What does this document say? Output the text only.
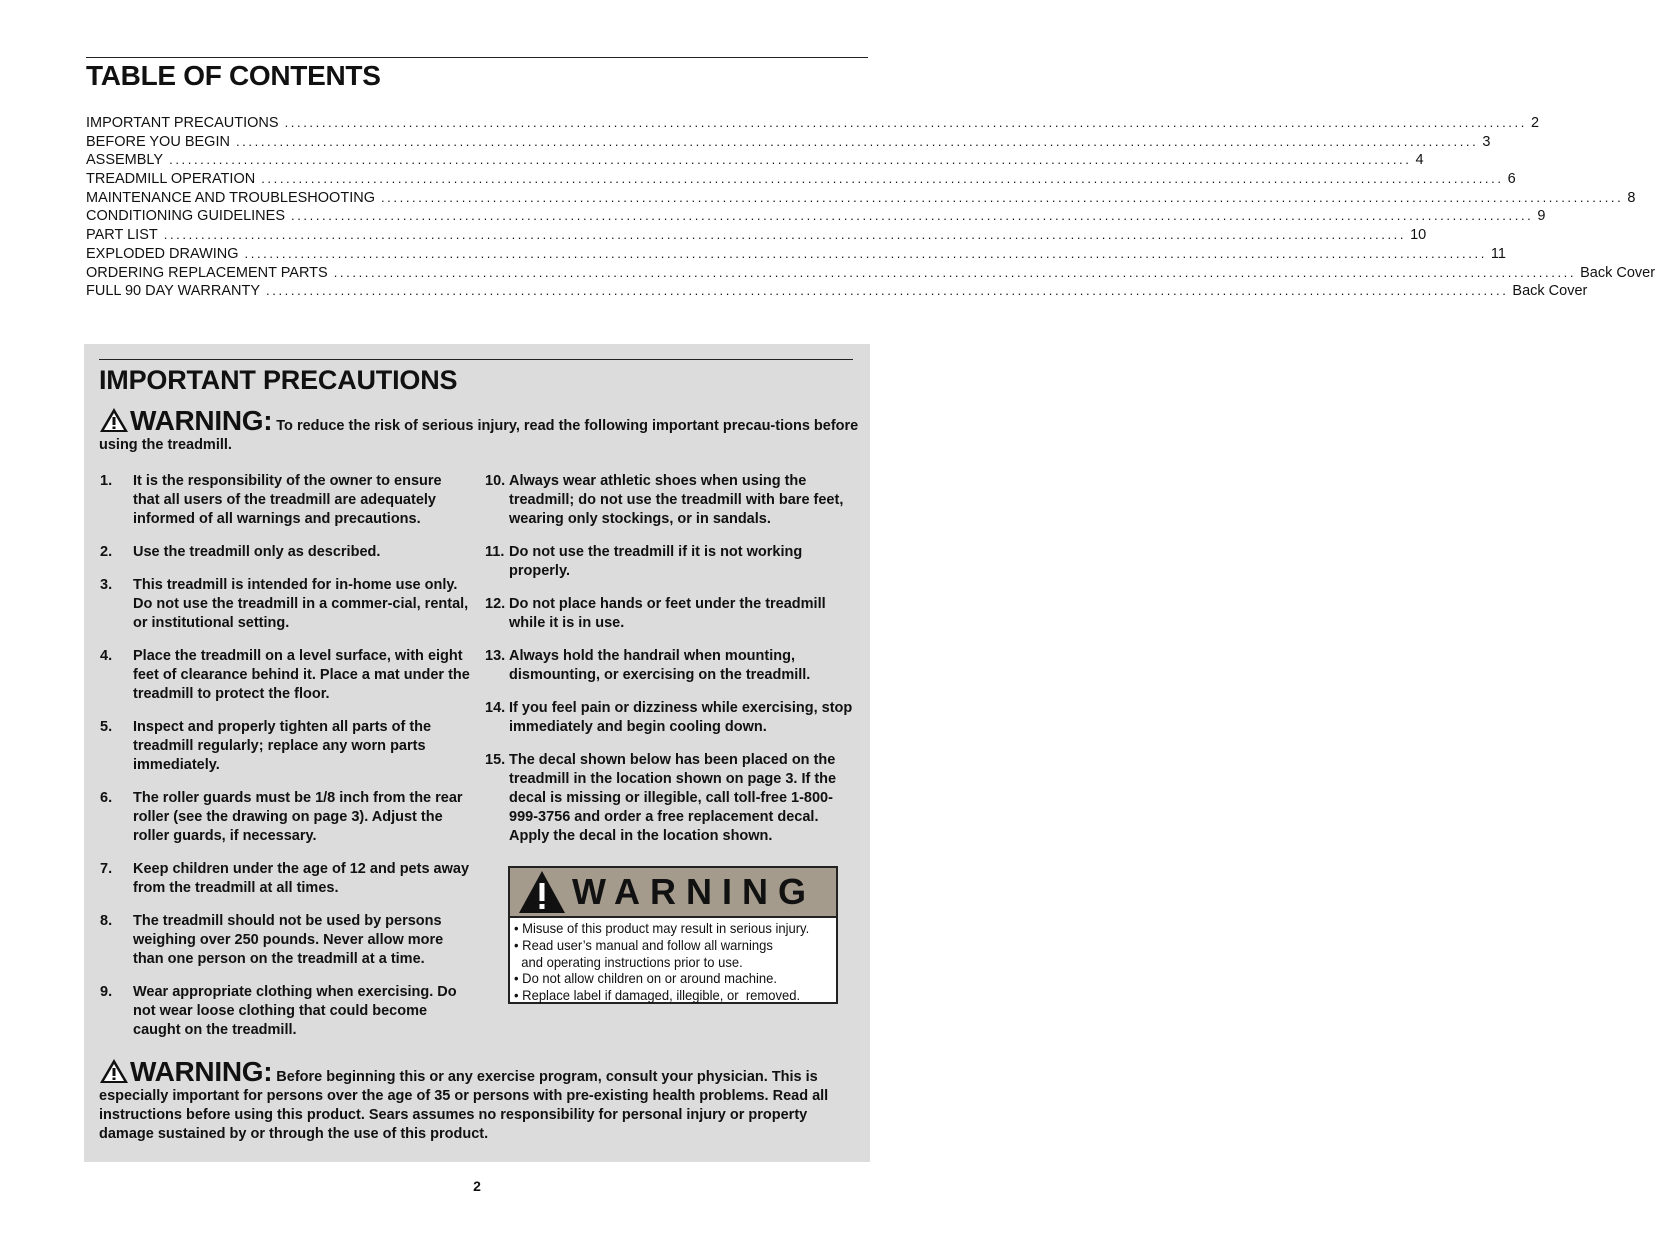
TABLE OF CONTENTS
IMPORTANT PRECAUTIONS ........................................................................................................................................................................................................ 2
BEFORE YOU BEGIN ........................................................................................................................................................................................................ 3
ASSEMBLY ........................................................................................................................................................................................................ 4
TREADMILL OPERATION ........................................................................................................................................................................................................ 6
MAINTENANCE AND TROUBLESHOOTING ........................................................................................................................................................................................................ 8
CONDITIONING GUIDELINES ........................................................................................................................................................................................................ 9
PART LIST ........................................................................................................................................................................................................ 10
EXPLODED DRAWING ........................................................................................................................................................................................................ 11
ORDERING REPLACEMENT PARTS ........................................................................................................................................................................................................ Back Cover
FULL 90 DAY WARRANTY ........................................................................................................................................................................................................ Back Cover
IMPORTANT PRECAUTIONS
WARNING: To reduce the risk of serious injury, read the following important precau-tions before using the treadmill.
1.	It is the responsibility of the owner to ensure that all users of the treadmill are adequately informed of all warnings and precautions.
2.	Use the treadmill only as described.
3.	This treadmill is intended for in-home use only. Do not use the treadmill in a commer-cial, rental, or institutional setting.
4.	Place the treadmill on a level surface, with eight feet of clearance behind it. Place a mat under the treadmill to protect the floor.
5.	Inspect and properly tighten all parts of the treadmill regularly; replace any worn parts immediately.
6.	The roller guards must be 1/8 inch from the rear roller (see the drawing on page 3). Adjust the roller guards, if necessary.
7.	Keep children under the age of 12 and pets away from the treadmill at all times.
8.	The treadmill should not be used by persons weighing over 250 pounds. Never allow more than one person on the treadmill at a time.
9.	Wear appropriate clothing when exercising. Do not wear loose clothing that could become caught on the treadmill.
10. Always wear athletic shoes when using the treadmill; do not use the treadmill with bare feet, wearing only stockings, or in sandals.
11. Do not use the treadmill if it is not working properly.
12. Do not place hands or feet under the treadmill while it is in use.
13. Always hold the handrail when mounting, dismounting, or exercising on the treadmill.
14. If you feel pain or dizziness while exercising, stop immediately and begin cooling down.
15. The decal shown below has been placed on the treadmill in the location shown on page 3. If the decal is missing or illegible, call toll-free 1-800-999-3756 and order a free replacement decal. Apply the decal in the location shown.
WARNING
• Misuse of this product may result in serious injury.
• Read user’s manual and follow all warnings
and operating instructions prior to use.
• Do not allow children on or around machine.
• Replace label if damaged, illegible, or  removed.
WARNING: Before beginning this or any exercise program, consult your physician. This is especially important for persons over the age of 35 or persons with pre-existing health problems. Read all instructions before using this product. Sears assumes no responsibility for personal injury or property damage sustained by or through the use of this product.
2
